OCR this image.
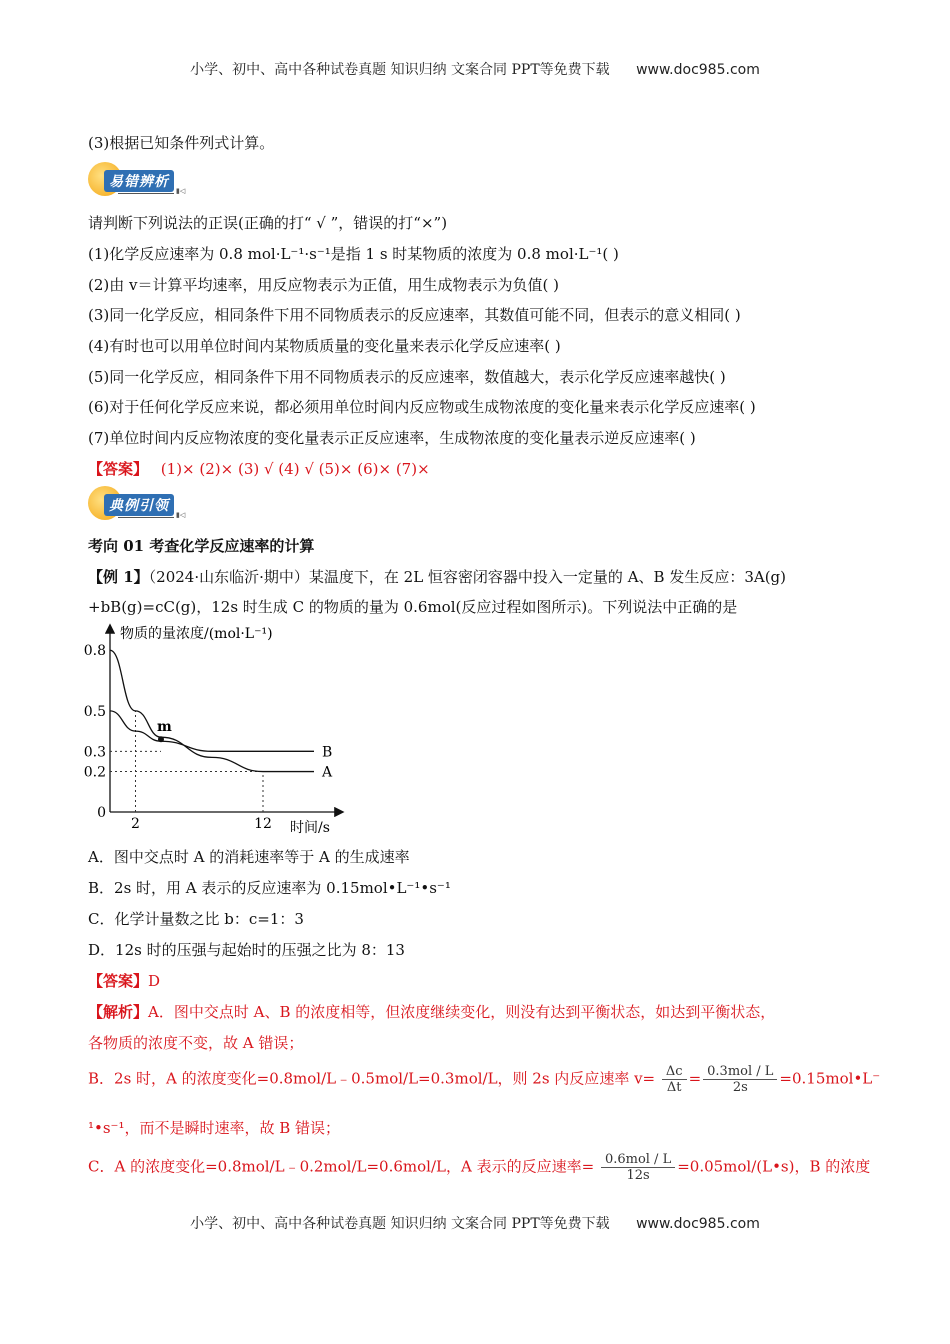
小学、初中、高中各种试卷真题 知识归纳 文案合同 PPT等免费下载 www.doc985.com
(3)根据已知条件列式计算。
易错辨析
▮◁
请判断下列说法的正误(正确的打“ √ ”，错误的打“×”)
(1)化学反应速率为 0.8 mol·L⁻¹·s⁻¹是指 1 s 时某物质的浓度为 0.8 mol·L⁻¹( )
(2)由 v＝计算平均速率，用反应物表示为正值，用生成物表示为负值( )
(3)同一化学反应，相同条件下用不同物质表示的反应速率，其数值可能不同，但表示的意义相同( )
(4)有时也可以用单位时间内某物质质量的变化量来表示化学反应速率( )
(5)同一化学反应，相同条件下用不同物质表示的反应速率，数值越大，表示化学反应速率越快( )
(6)对于任何化学反应来说，都必须用单位时间内反应物或生成物浓度的变化量来表示化学反应速率( )
(7)单位时间内反应物浓度的变化量表示正反应速率，生成物浓度的变化量表示逆反应速率( )
【答案】 (1)× (2)× (3) √ (4) √ (5)× (6)× (7)×
典例引领
▮◁
考向 01 考查化学反应速率的计算
【例 1】（2024·山东临沂·期中）某温度下，在 2L 恒容密闭容器中投入一定量的 A、B 发生反应：3A(g)
+bB(g)=cC(g)，12s 时生成 C 的物质的量为 0.6mol(反应过程如图所示)。下列说法中正确的是
物质的量浓度/(mol·L⁻¹)
时间/s
0.8
0.5
0.3
0.2
0
2	12
A
B
m
A．图中交点时 A 的消耗速率等于 A 的生成速率
B．2s 时，用 A 表示的反应速率为 0.15mol•L⁻¹•s⁻¹
C．化学计量数之比 b：c=1：3
D．12s 时的压强与起始时的压强之比为 8：13
【答案】D
【解析】A．图中交点时 A、B 的浓度相等，但浓度继续变化，则没有达到平衡状态，如达到平衡状态，
各物质的浓度不变，故 A 错误；
B．2s 时，A 的浓度变化=0.8mol/L﹣0.5mol/L=0.3mol/L，则 2s 内反应速率 $v= \frac{\Delta c}{\Delta t} = \frac{\text{0.3mol / L}}{2s}$ =0.15mol•L⁻
¹•s⁻¹，而不是瞬时速率，故 B 错误；
C．A 的浓度变化=0.8mol/L﹣0.2mol/L=0.6mol/L，A 表示的反应速率= $\frac{\text{0.6mol / L}}{12s}$ =0.05mol/(L•s)，B 的浓度
小学、初中、高中各种试卷真题 知识归纳 文案合同 PPT等免费下载 www.doc985.com
